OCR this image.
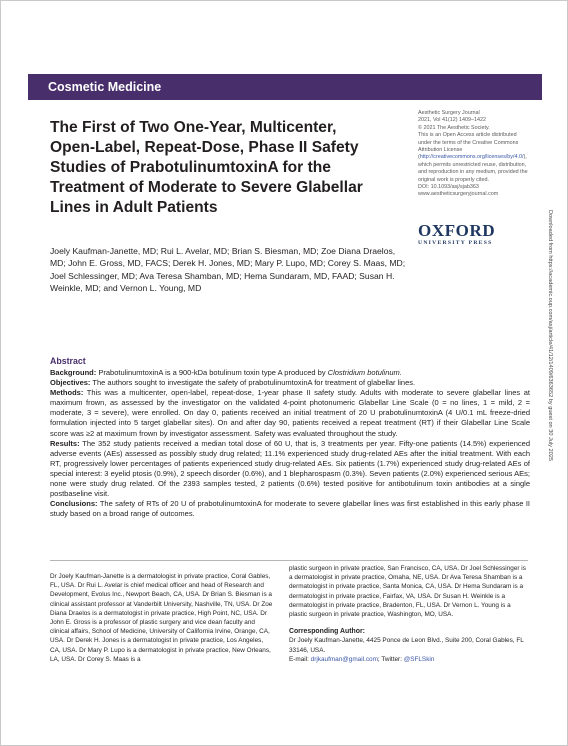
Cosmetic Medicine
The First of Two One-Year, Multicenter, Open-Label, Repeat-Dose, Phase II Safety Studies of PrabotulinumtoxinA for the Treatment of Moderate to Severe Glabellar Lines in Adult Patients
Aesthetic Surgery Journal
2021, Vol 41(12) 1409–1422
© 2021 The Aesthetic Society.
This is an Open Access article distributed under the terms of the Creative Commons Attribution License (http://creativecommons.org/licenses/by/4.0/), which permits unrestricted reuse, distribution, and reproduction in any medium, provided the original work is properly cited.
DOI: 10.1093/asj/sjab363
www.aestheticsurgeryjournal.com
OXFORD
UNIVERSITY PRESS
Joely Kaufman-Janette, MD; Rui L. Avelar, MD; Brian S. Biesman, MD; Zoe Diana Draelos, MD; John E. Gross, MD, FACS; Derek H. Jones, MD; Mary P. Lupo, MD; Corey S. Maas, MD; Joel Schlessinger, MD; Ava Teresa Shamban, MD; Hema Sundaram, MD, FAAD; Susan H. Weinkle, MD; and Vernon L. Young, MD	Downloaded from https://academic.oup.com/asj/article/41/12/1409/6363652 by guest on 30 July 2025
Abstract

Background: PrabotulinumtoxinA is a 900-kDa botulinum toxin type A produced by Clostridium botulinum.

Objectives: The authors sought to investigate the safety of prabotulinumtoxinA for treatment of glabellar lines.

Methods: This was a multicenter, open-label, repeat-dose, 1-year phase II safety study. Adults with moderate to severe glabellar lines at maximum frown, as assessed by the investigator on the validated 4-point photonumeric Glabellar Line Scale (0 = no lines, 1 = mild, 2 = moderate, 3 = severe), were enrolled. On day 0, patients received an initial treatment of 20 U prabotulinumtoxinA (4 U/0.1 mL freeze-dried formulation injected into 5 target glabellar sites). On and after day 90, patients received a repeat treatment (RT) if their Glabellar Line Scale score was ≥2 at maximum frown by investigator assessment. Safety was evaluated throughout the study.

Results: The 352 study patients received a median total dose of 60 U, that is, 3 treatments per year. Fifty-one patients (14.5%) experienced adverse events (AEs) assessed as possibly study drug related; 11.1% experienced study drug-related AEs after the initial treatment. With each RT, progressively lower percentages of patients experienced study drug-related AEs. Six patients (1.7%) experienced study drug-related AEs of special interest: 3 eyelid ptosis (0.9%), 2 speech disorder (0.6%), and 1 blepharospasm (0.3%). Seven patients (2.0%) experienced serious AEs; none were study drug related. Of the 2393 samples tested, 2 patients (0.6%) tested positive for antibotulinum toxin antibodies at a single postbaseline visit.

Conclusions: The safety of RTs of 20 U of prabotulinumtoxinA for moderate to severe glabellar lines was first established in this early phase II study based on a broad range of outcomes.

Dr Joely Kaufman-Janette is a dermatologist in private practice, Coral Gables, FL, USA. Dr Rui L. Avelar is chief medical officer and head of Research and Development, Evolus Inc., Newport Beach, CA, USA. Dr Brian S. Biesman is a clinical assistant professor at Vanderbilt University, Nashville, TN, USA. Dr Zoe Diana Draelos is a dermatologist in private practice, High Point, NC, USA. Dr John E. Gross is a professor of plastic surgery and vice dean faculty and clinical affairs, School of Medicine, University of California Irvine, Orange, CA, USA. Dr Derek H. Jones is a dermatologist in private practice, Los Angeles, CA, USA. Dr Mary P. Lupo is a dermatologist in private practice, New Orleans, LA, USA. Dr Corey S. Maas is a
plastic surgeon in private practice, San Francisco, CA, USA. Dr Joel Schlessinger is a dermatologist in private practice, Omaha, NE, USA. Dr Ava Teresa Shamban is a dermatologist in private practice, Santa Monica, CA, USA. Dr Hema Sundaram is a dermatologist in private practice, Fairfax, VA, USA. Dr Susan H. Weinkle is a dermatologist in private practice, Bradenton, FL, USA. Dr Vernon L. Young is a plastic surgeon in private practice, Washington, MO, USA.
Corresponding Author:
Dr Joely Kaufman-Janette, 4425 Ponce de Leon Blvd., Suite 200, Coral Gables, FL 33146, USA.
E-mail: drjkaufman@gmail.com; Twitter: @SFLSkin
